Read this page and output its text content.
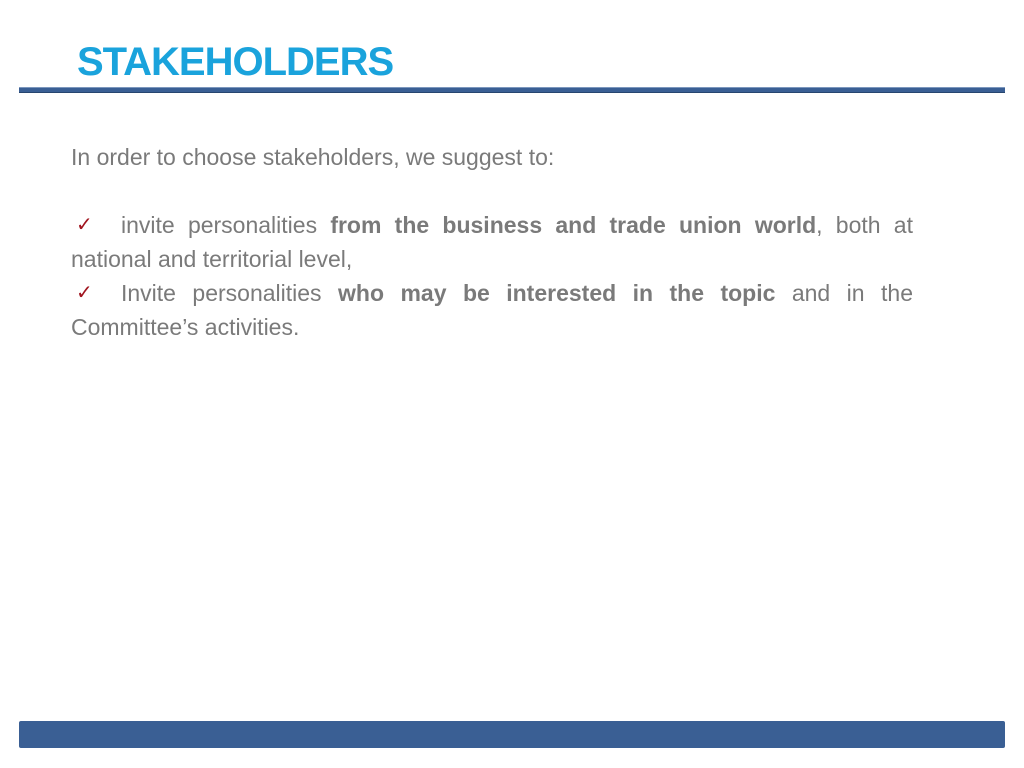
STAKEHOLDERS

In order to choose stakeholders, we suggest to:

✓ invite personalities from the business and trade union world, both at national and territorial level,

✓ Invite personalities who may be interested in the topic and in the Committee’s activities.
